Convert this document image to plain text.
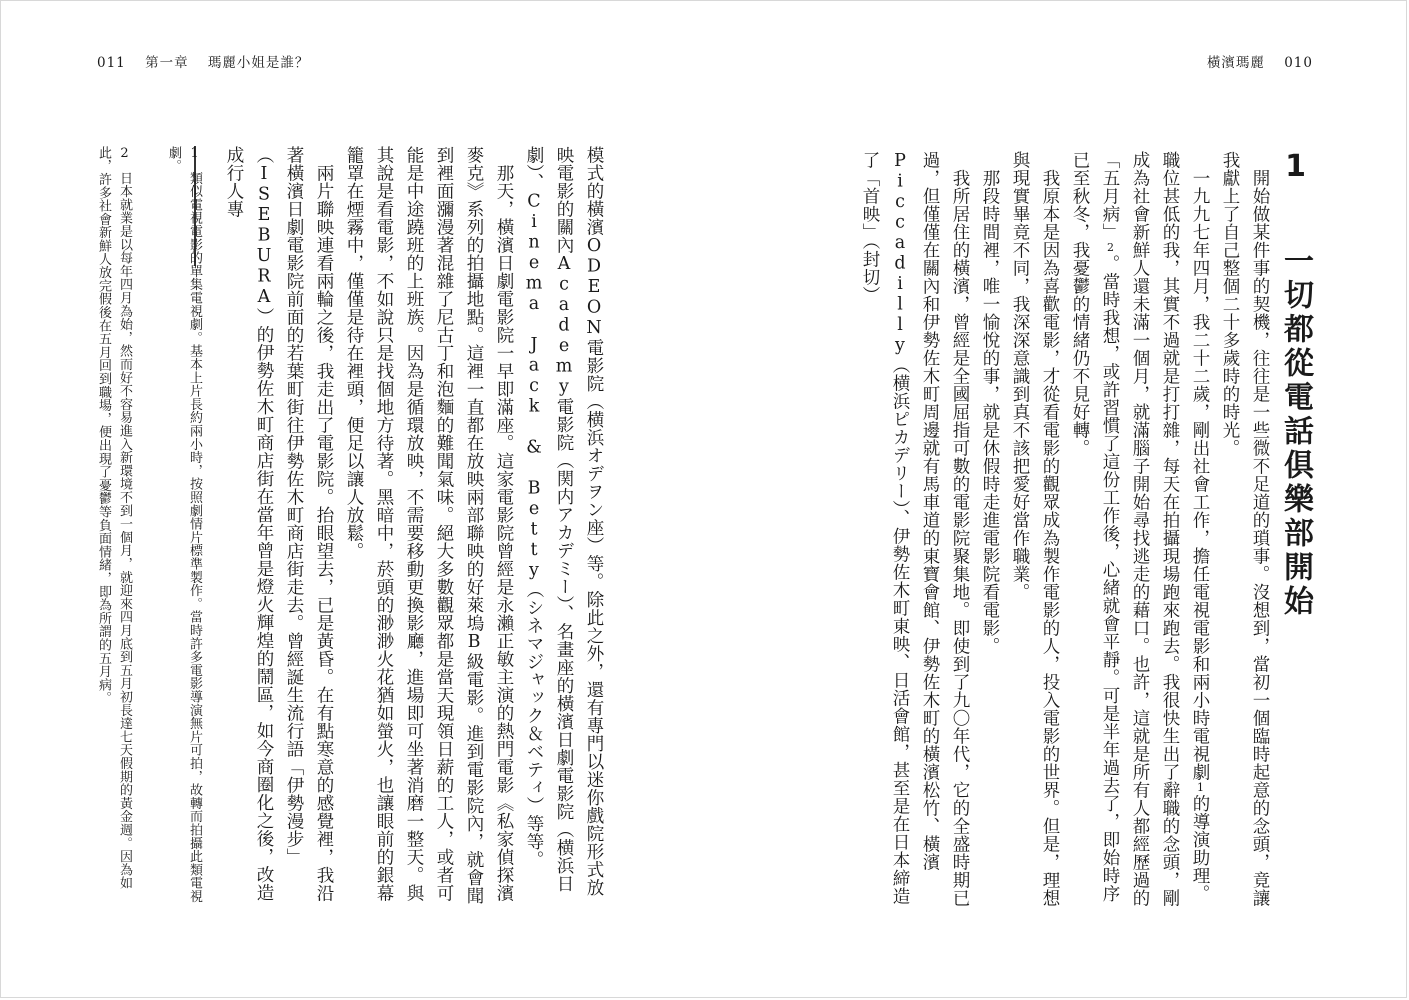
011 第一章 瑪麗小姐是誰？

模式的橫濱ODEON電影院（横浜オデヲン座）等。除此之外，還有專門以迷你戲院形式放映電影的關內Academy電影院（関内アカデミー）、名畫座的橫濱日劇電影院（横浜日劇）、Cinema Jack & Betty（シネマジャック＆ベティ）等等。

那天，橫濱日劇電影院一早即滿座。這家電影院曾經是永瀨正敏主演的熱門電影《私家偵探濱麥克》系列的拍攝地點。這裡一直都在放映兩部聯映的好萊塢B級電影。進到電影院內，就會聞到裡面瀰漫著混雜了尼古丁和泡麵的難聞氣味。絕大多數觀眾都是當天現領日薪的工人，或者可能是中途蹺班的上班族。因為是循環放映，不需要移動更換影廳，進場即可坐著消磨一整天。與其說是看電影，不如說只是找個地方待著。黑暗中，菸頭的渺渺火花猶如螢火，也讓眼前的銀幕籠罩在煙霧中，僅僅是待在裡頭，便足以讓人放鬆。

兩片聯映連看兩輪之後，我走出了電影院。抬眼望去，已是黃昏。在有點寒意的感覺裡，我沿著橫濱日劇電影院前面的若葉町街往伊勢佐木町商店街走去。曾經誕生流行語「伊勢漫步」（ISEBURA）的伊勢佐木町商店街在當年曾是燈火輝煌的鬧區，如今商圈化之後，改造成行人專

1類似電視電影的單集電視劇。基本上片長約兩小時，按照劇情片標準製作。當時許多電影導演無片可拍，故轉而拍攝此類電視劇。

2日本就業是以每年四月為始，然而好不容易進入新環境不到一個月，就迎來四月底到五月初長達七天假期的黃金週。因為如此，許多社會新鮮人放完假後在五月回到職場，便出現了憂鬱等負面情緒，即為所謂的五月病。

橫濱瑪麗 010
1 一切都從電話俱樂部開始

開始做某件事的契機，往往是一些微不足道的瑣事。沒想到，當初一個臨時起意的念頭，竟讓我獻上了自己整個二十多歲時的時光。

一九九七年四月，我二十二歲，剛出社會工作，擔任電視電影和兩小時電視劇1的導演助理。職位甚低的我，其實不過就是打打雜，每天在拍攝現場跑來跑去。我很快生出了辭職的念頭，剛成為社會新鮮人還未滿一個月，就滿腦子開始尋找逃走的藉口。也許，這就是所有人都經歷過的「五月病」2。當時我想，或許習慣了這份工作後，心緒就會平靜。可是半年過去了，即始時序已至秋冬，我憂鬱的情緒仍不見好轉。

我原本是因為喜歡電影，才從看電影的觀眾成為製作電影的人，投入電影的世界。但是，理想與現實畢竟不同，我深深意識到真不該把愛好當作職業。

那段時間裡，唯一愉悅的事，就是休假時走進電影院看電影。

我所居住的橫濱，曾經是全國屈指可數的電影院聚集地。即使到了九〇年代，它的全盛時期已過，但僅僅在關內和伊勢佐木町周邊就有馬車道的東寶會館、伊勢佐木町的橫濱松竹、橫濱Piccadilly（横浜ピカデリー）、伊勢佐木町東映、日活會館，甚至是在日本締造了「首映」（封切）
